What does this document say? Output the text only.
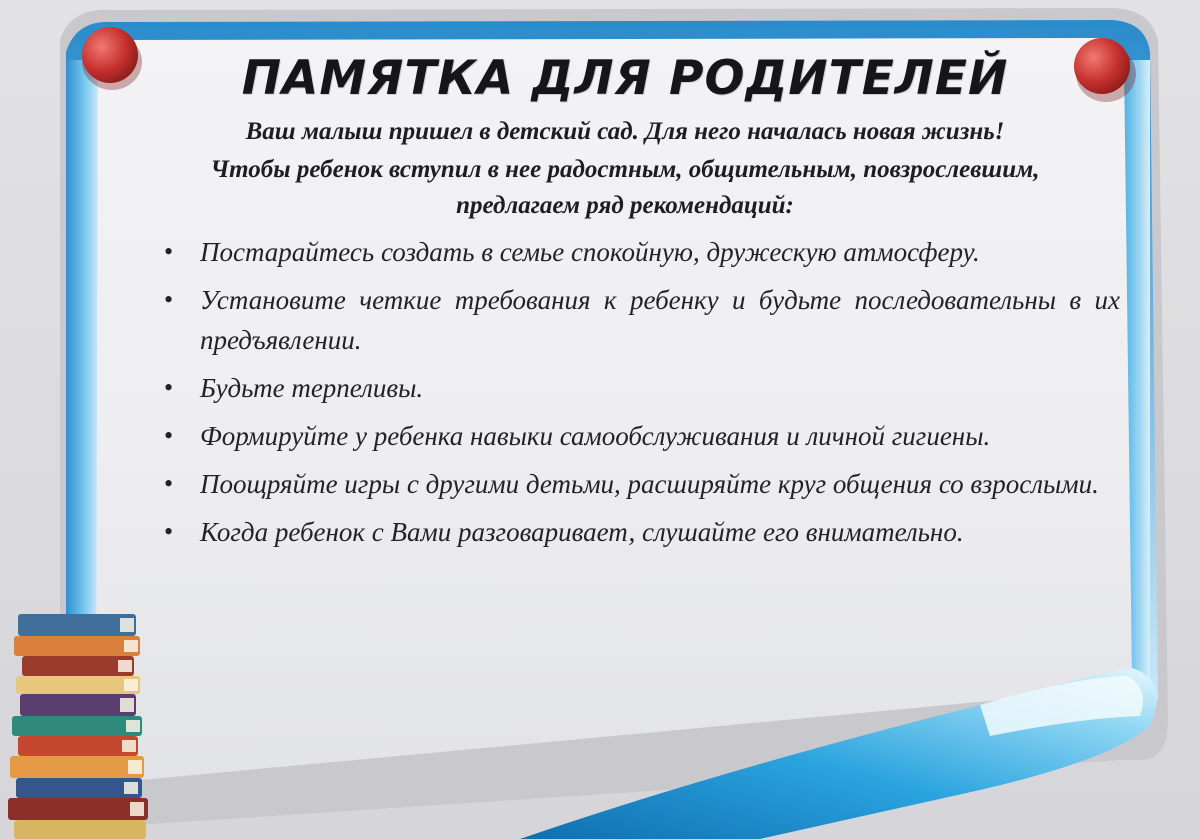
ПАМЯТКА ДЛЯ РОДИТЕЛЕЙ

Ваш малыш пришел в детский сад. Для него началась новая жизнь!

Чтобы ребенок вступил в нее радостным, общительным, повзрослевшим, предлагаем ряд рекомендаций:

• Постарайтесь создать в семье спокойную, дружескую атмосферу.
• Установите четкие требования к ребенку и будьте последовательны в их предъявлении.
• Будьте терпеливы.
• Формируйте у ребенка навыки самообслуживания и личной гигиены.
• Поощряйте игры с другими детьми, расширяйте круг общения со взрослыми.
• Когда ребенок с Вами разговаривает, слушайте его внимательно.
